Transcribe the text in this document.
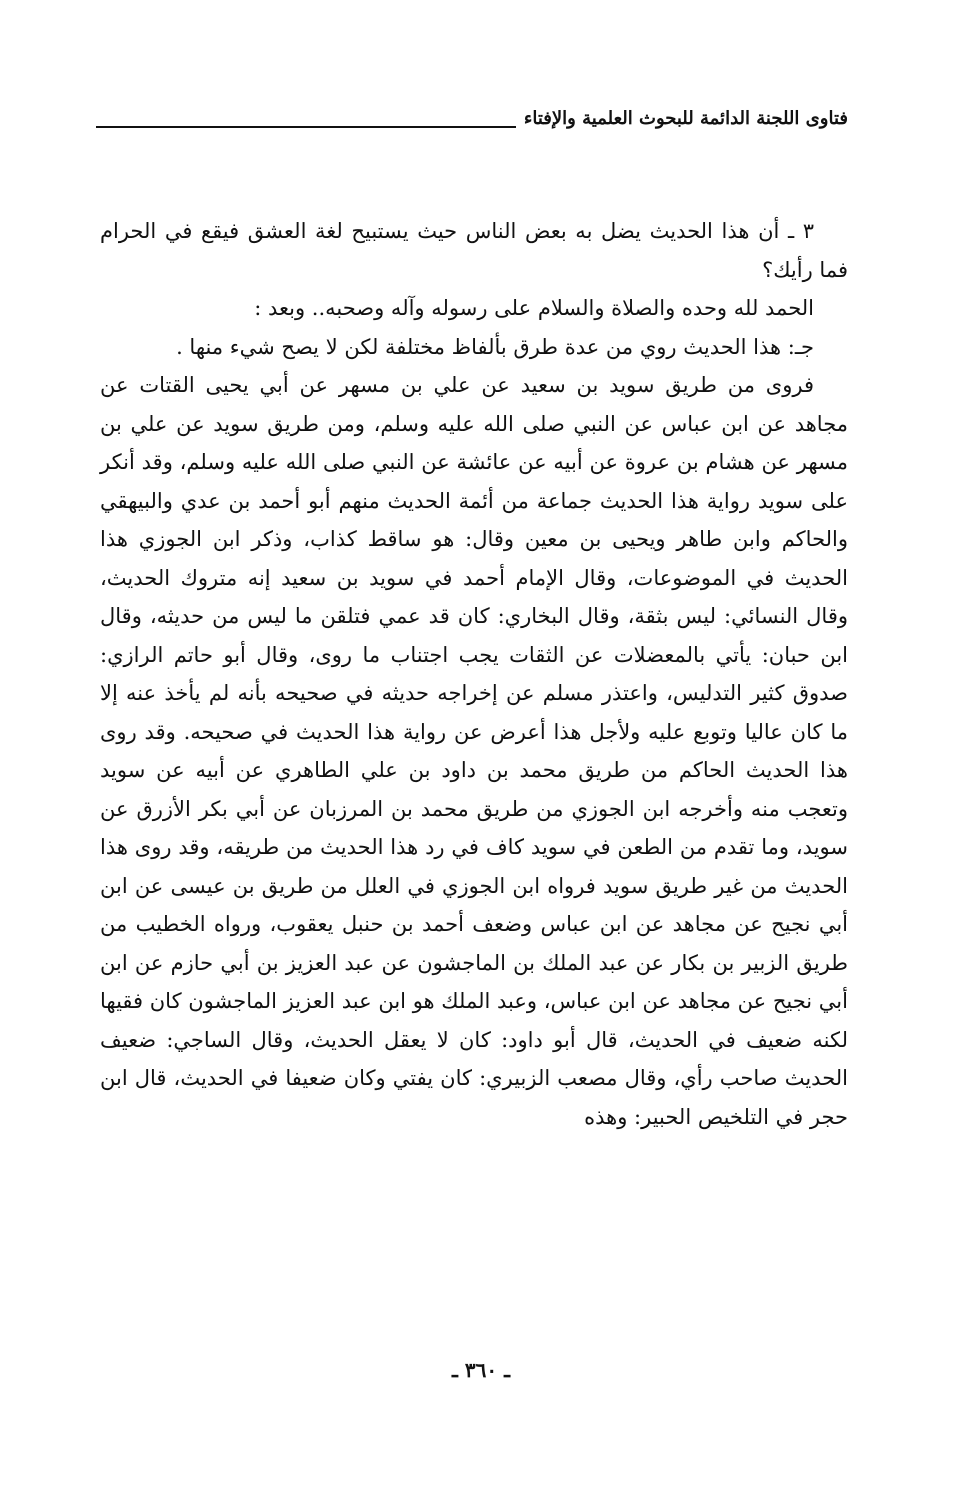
فتاوى اللجنة الدائمة للبحوث العلمية والإفتاء

٣ ـ أن هذا الحديث يضل به بعض الناس حيث يستبيح لغة العشق فيقع في الحرام فما رأيك؟

الحمد لله وحده والصلاة والسلام على رسوله وآله وصحبه.. وبعد :

جـ: هذا الحديث روي من عدة طرق بألفاظ مختلفة لكن لا يصح شيء منها .

فروى من طريق سويد بن سعيد عن علي بن مسهر عن أبي يحيى القتات عن مجاهد عن ابن عباس عن النبي صلى الله عليه وسلم، ومن طريق سويد عن علي بن مسهر عن هشام بن عروة عن أبيه عن عائشة عن النبي صلى الله عليه وسلم، وقد أنكر على سويد رواية هذا الحديث جماعة من أئمة الحديث منهم أبو أحمد بن عدي والبيهقي والحاكم وابن طاهر ويحيى بن معين وقال: هو ساقط كذاب، وذكر ابن الجوزي هذا الحديث في الموضوعات، وقال الإمام أحمد في سويد بن سعيد إنه متروك الحديث، وقال النسائي: ليس بثقة، وقال البخاري: كان قد عمي فتلقن ما ليس من حديثه، وقال ابن حبان: يأتي بالمعضلات عن الثقات يجب اجتناب ما روى، وقال أبو حاتم الرازي: صدوق كثير التدليس، واعتذر مسلم عن إخراجه حديثه في صحيحه بأنه لم يأخذ عنه إلا ما كان عاليا وتوبع عليه ولأجل هذا أعرض عن رواية هذا الحديث في صحيحه. وقد روى هذا الحديث الحاكم من طريق محمد بن داود بن علي الطاهري عن أبيه عن سويد وتعجب منه وأخرجه ابن الجوزي من طريق محمد بن المرزبان عن أبي بكر الأزرق عن سويد، وما تقدم من الطعن في سويد كاف في رد هذا الحديث من طريقه، وقد روى هذا الحديث من غير طريق سويد فرواه ابن الجوزي في العلل من طريق بن عيسى عن ابن أبي نجيح عن مجاهد عن ابن عباس وضعف أحمد بن حنبل يعقوب، ورواه الخطيب من طريق الزبير بن بكار عن عبد الملك بن الماجشون عن عبد العزيز بن أبي حازم عن ابن أبي نجيح عن مجاهد عن ابن عباس، وعبد الملك هو ابن عبد العزيز الماجشون كان فقيها لكنه ضعيف في الحديث، قال أبو داود: كان لا يعقل الحديث، وقال الساجي: ضعيف الحديث صاحب رأي، وقال مصعب الزبيري: كان يفتي وكان ضعيفا في الحديث، قال ابن حجر في التلخيص الحبير: وهذه

ـ ٣٦٠ ـ
